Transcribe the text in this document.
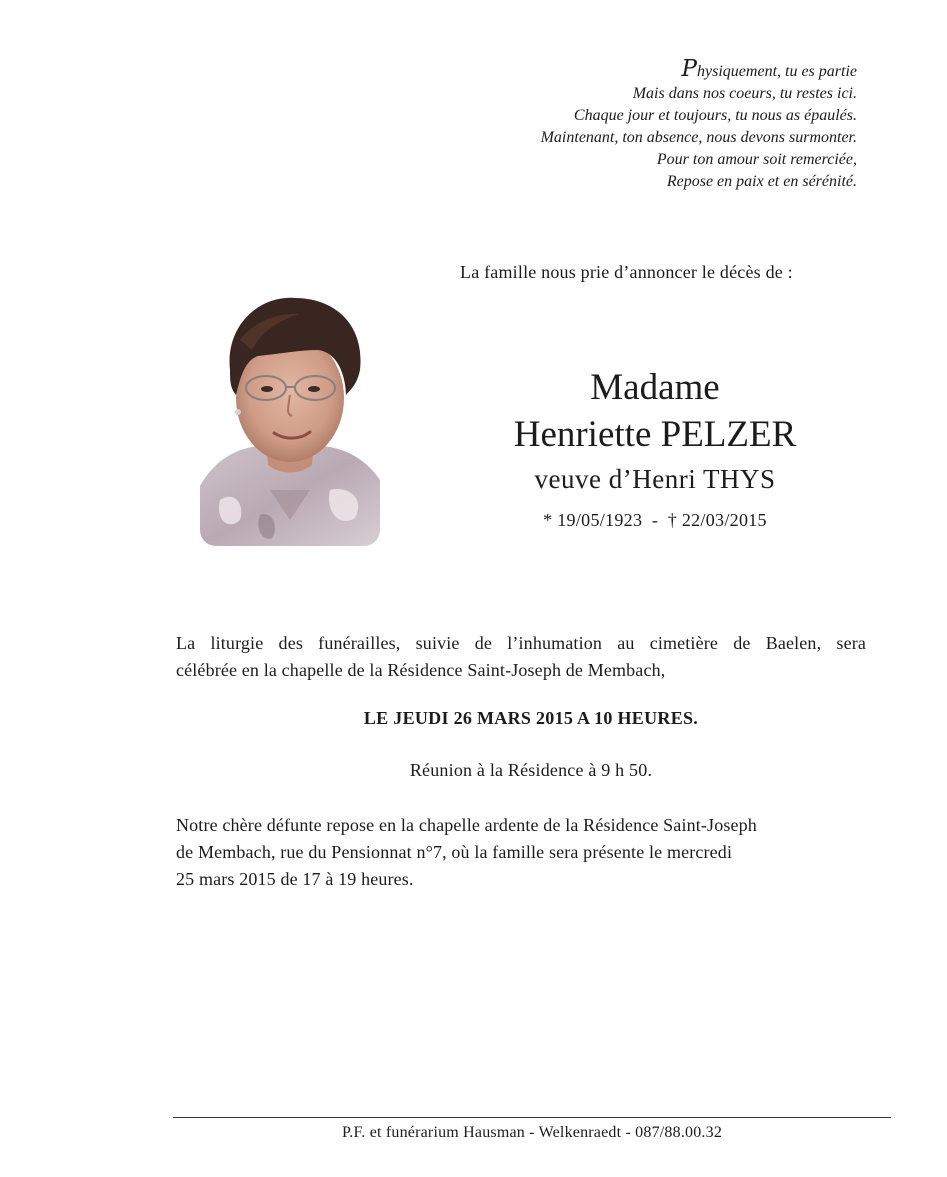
Physiquement, tu es partie
Mais dans nos coeurs, tu restes ici.
Chaque jour et toujours, tu nous as épaulés.
Maintenant, ton absence, nous devons surmonter.
Pour ton amour soit remerciée,
Repose en paix et en sérénité.
La famille nous prie d’annoncer le décès de :
Madame
Henriette PELZER
veuve d’Henri THYS
* 19/05/1923  -  † 22/03/2015
La liturgie des funérailles, suivie de l’inhumation au cimetière de Baelen, sera
célébrée en la chapelle de la Résidence Saint-Joseph de Membach,
LE JEUDI 26 MARS 2015 A 10 HEURES.
Réunion à la Résidence à 9 h 50.
Notre chère défunte repose en la chapelle ardente de la Résidence Saint-Joseph
de Membach, rue du Pensionnat n°7, où la famille sera présente le mercredi
25 mars 2015 de 17 à 19 heures.
P.F. et funérarium Hausman - Welkenraedt - 087/88.00.32
